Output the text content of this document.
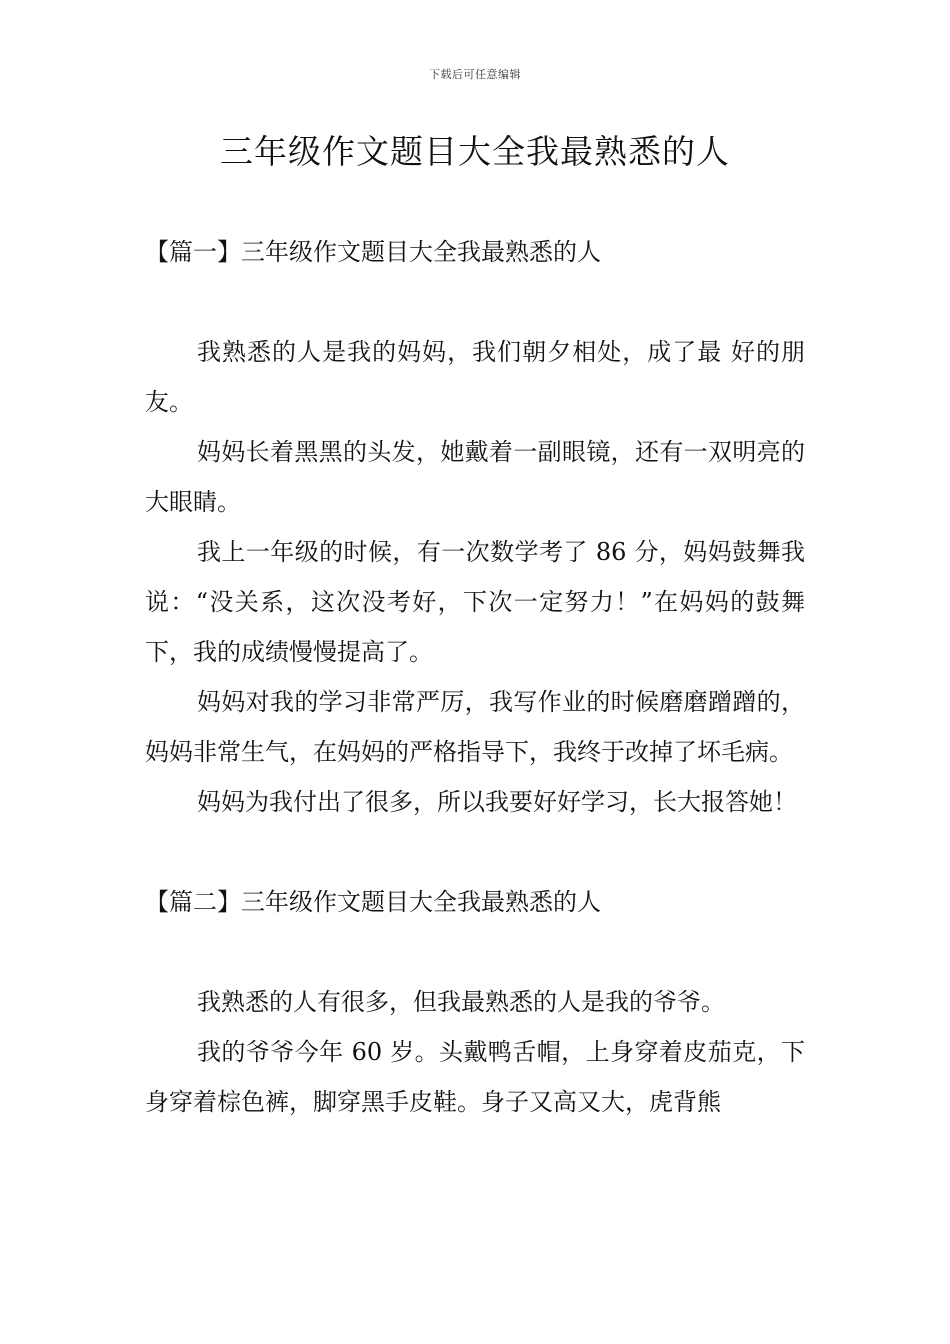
下载后可任意编辑
三年级作文题目大全我最熟悉的人
【篇一】三年级作文题目大全我最熟悉的人

我熟悉的人是我的妈妈，我们朝夕相处，成了最 好的朋友。

妈妈长着黑黑的头发，她戴着一副眼镜，还有一双明亮的大眼睛。

我上一年级的时候，有一次数学考了 86 分，妈妈鼓舞我说：“没关系，这次没考好，下次一定努力！”在妈妈的鼓舞下，我的成绩慢慢提高了。

妈妈对我的学习非常严厉，我写作业的时候磨磨蹭蹭的，妈妈非常生气，在妈妈的严格指导下，我终于改掉了坏毛病。

妈妈为我付出了很多，所以我要好好学习，长大报答她！

【篇二】三年级作文题目大全我最熟悉的人

我熟悉的人有很多，但我最熟悉的人是我的爷爷。

我的爷爷今年 60 岁。头戴鸭舌帽，上身穿着皮茄克，下身穿着棕色裤，脚穿黑手皮鞋。身子又高又大，虎背熊
